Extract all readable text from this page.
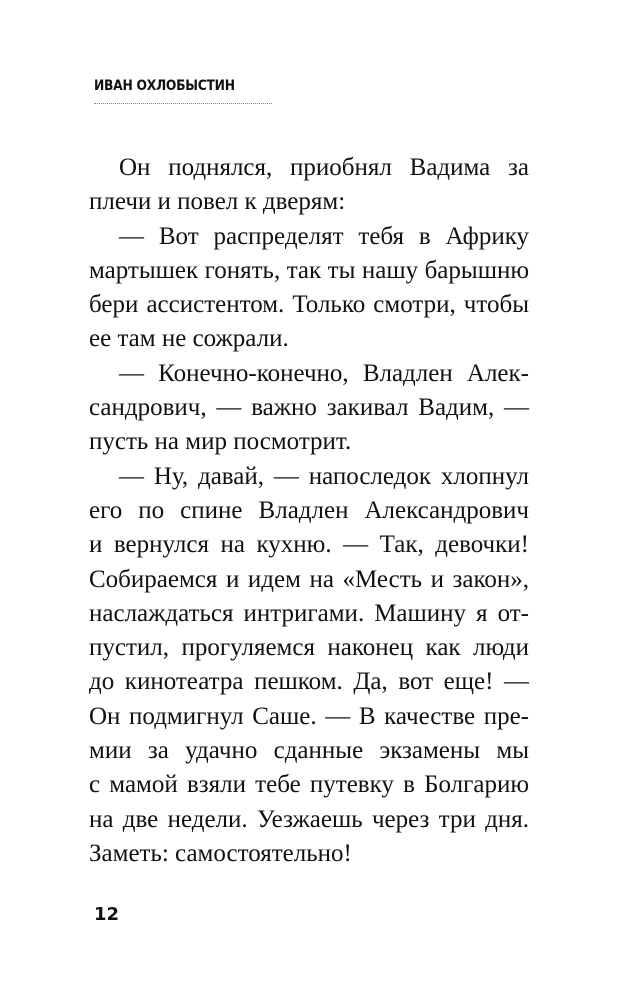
ИВАН ОХЛОБЫСТИН
Он поднялся, приобнял Вадима за
плечи и повел к дверям:
— Вот распределят тебя в Африку
мартышек гонять, так ты нашу барышню
бери ассистентом. Только смотри, чтобы
ее там не сожрали.
— Конечно-конечно, Владлен Алек-
сандрович, — важно закивал Вадим, —
пусть на мир посмотрит.
— Ну, давай, — напоследок хлопнул
его по спине Владлен Александрович
и вернулся на кухню. — Так, девочки!
Собираемся и идем на «Месть и закон»,
наслаждаться интригами. Машину я от-
пустил, прогуляемся наконец как люди
до кинотеатра пешком. Да, вот еще! —
Он подмигнул Саше. — В качестве пре-
мии за удачно сданные экзамены мы
с мамой взяли тебе путевку в Болгарию
на две недели. Уезжаешь через три дня.
Заметь: самостоятельно!
12
